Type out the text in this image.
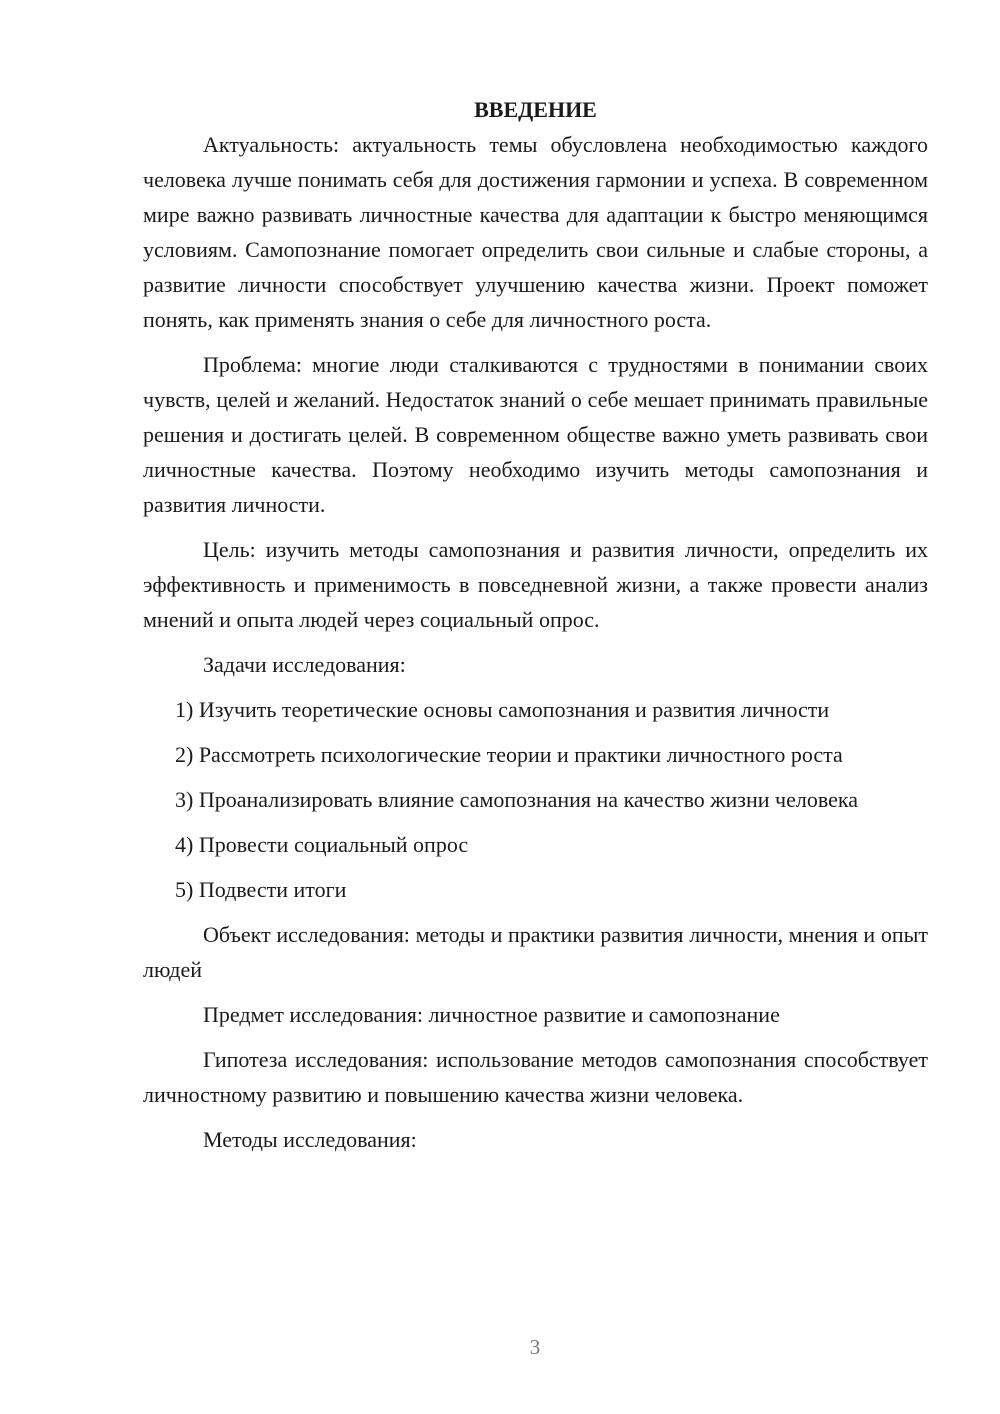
ВВЕДЕНИЕ

Актуальность: актуальность темы обусловлена необходимостью каждого человека лучше понимать себя для достижения гармонии и успеха. В современном мире важно развивать личностные качества для адаптации к быстро меняющимся условиям. Самопознание помогает определить свои сильные и слабые стороны, а развитие личности способствует улучшению качества жизни. Проект поможет понять, как применять знания о себе для личностного роста.

Проблема: многие люди сталкиваются с трудностями в понимании своих чувств, целей и желаний. Недостаток знаний о себе мешает принимать правильные решения и достигать целей. В современном обществе важно уметь развивать свои личностные качества. Поэтому необходимо изучить методы самопознания и развития личности.

Цель: изучить методы самопознания и развития личности, определить их эффективность и применимость в повседневной жизни, а также провести анализ мнений и опыта людей через социальный опрос.

Задачи исследования:

1) Изучить теоретические основы самопознания и развития личности

2) Рассмотреть психологические теории и практики личностного роста

3) Проанализировать влияние самопознания на качество жизни человека

4) Провести социальный опрос

5) Подвести итоги

Объект исследования: методы и практики развития личности, мнения и опыт людей

Предмет исследования: личностное развитие и самопознание

Гипотеза исследования: использование методов самопознания способствует личностному развитию и повышению качества жизни человека.

Методы исследования:

3
